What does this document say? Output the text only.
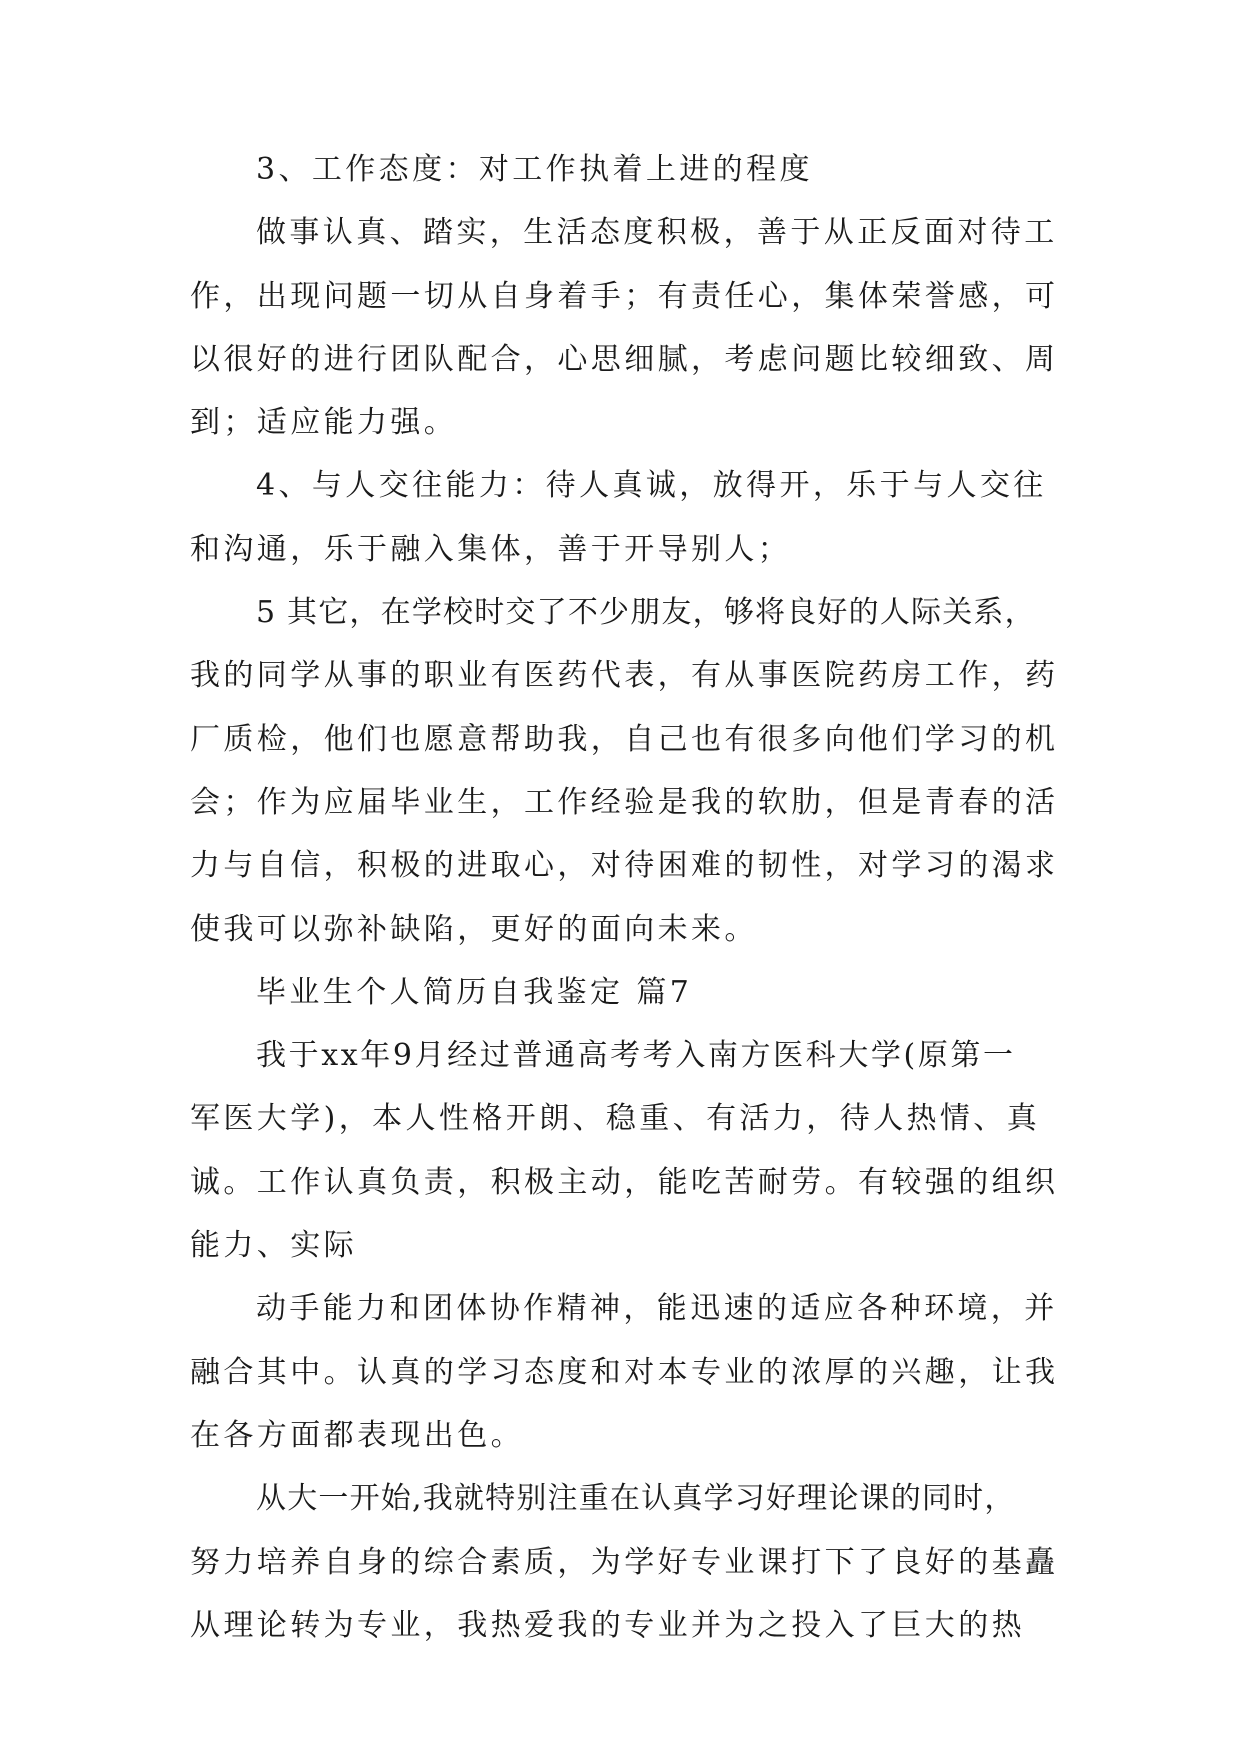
3、工作态度：对工作执着上进的程度
做事认真、踏实，生活态度积极，善于从正反面对待工
作，出现问题一切从自身着手；有责任心，集体荣誉感，可
以很好的进行团队配合，心思细腻，考虑问题比较细致、周
到；适应能力强。
4、与人交往能力：待人真诚，放得开，乐于与人交往
和沟通，乐于融入集体，善于开导别人；
5 其它，在学校时交了不少朋友，够将良好的人际关系，
我的同学从事的职业有医药代表，有从事医院药房工作，药
厂质检，他们也愿意帮助我，自己也有很多向他们学习的机
会；作为应届毕业生，工作经验是我的软肋，但是青春的活
力与自信，积极的进取心，对待困难的韧性，对学习的渴求
使我可以弥补缺陷，更好的面向未来。
毕业生个人简历自我鉴定 篇7
我于xx年9月经过普通高考考入南方医科大学(原第一
军医大学)，本人性格开朗、稳重、有活力，待人热情、真
诚。工作认真负责，积极主动，能吃苦耐劳。有较强的组织
能力、实际
动手能力和团体协作精神，能迅速的适应各种环境，并
融合其中。认真的学习态度和对本专业的浓厚的兴趣，让我
在各方面都表现出色。
从大一开始,我就特别注重在认真学习好理论课的同时，
努力培养自身的综合素质，为学好专业课打下了良好的基矗
从理论转为专业，我热爱我的专业并为之投入了巨大的热
